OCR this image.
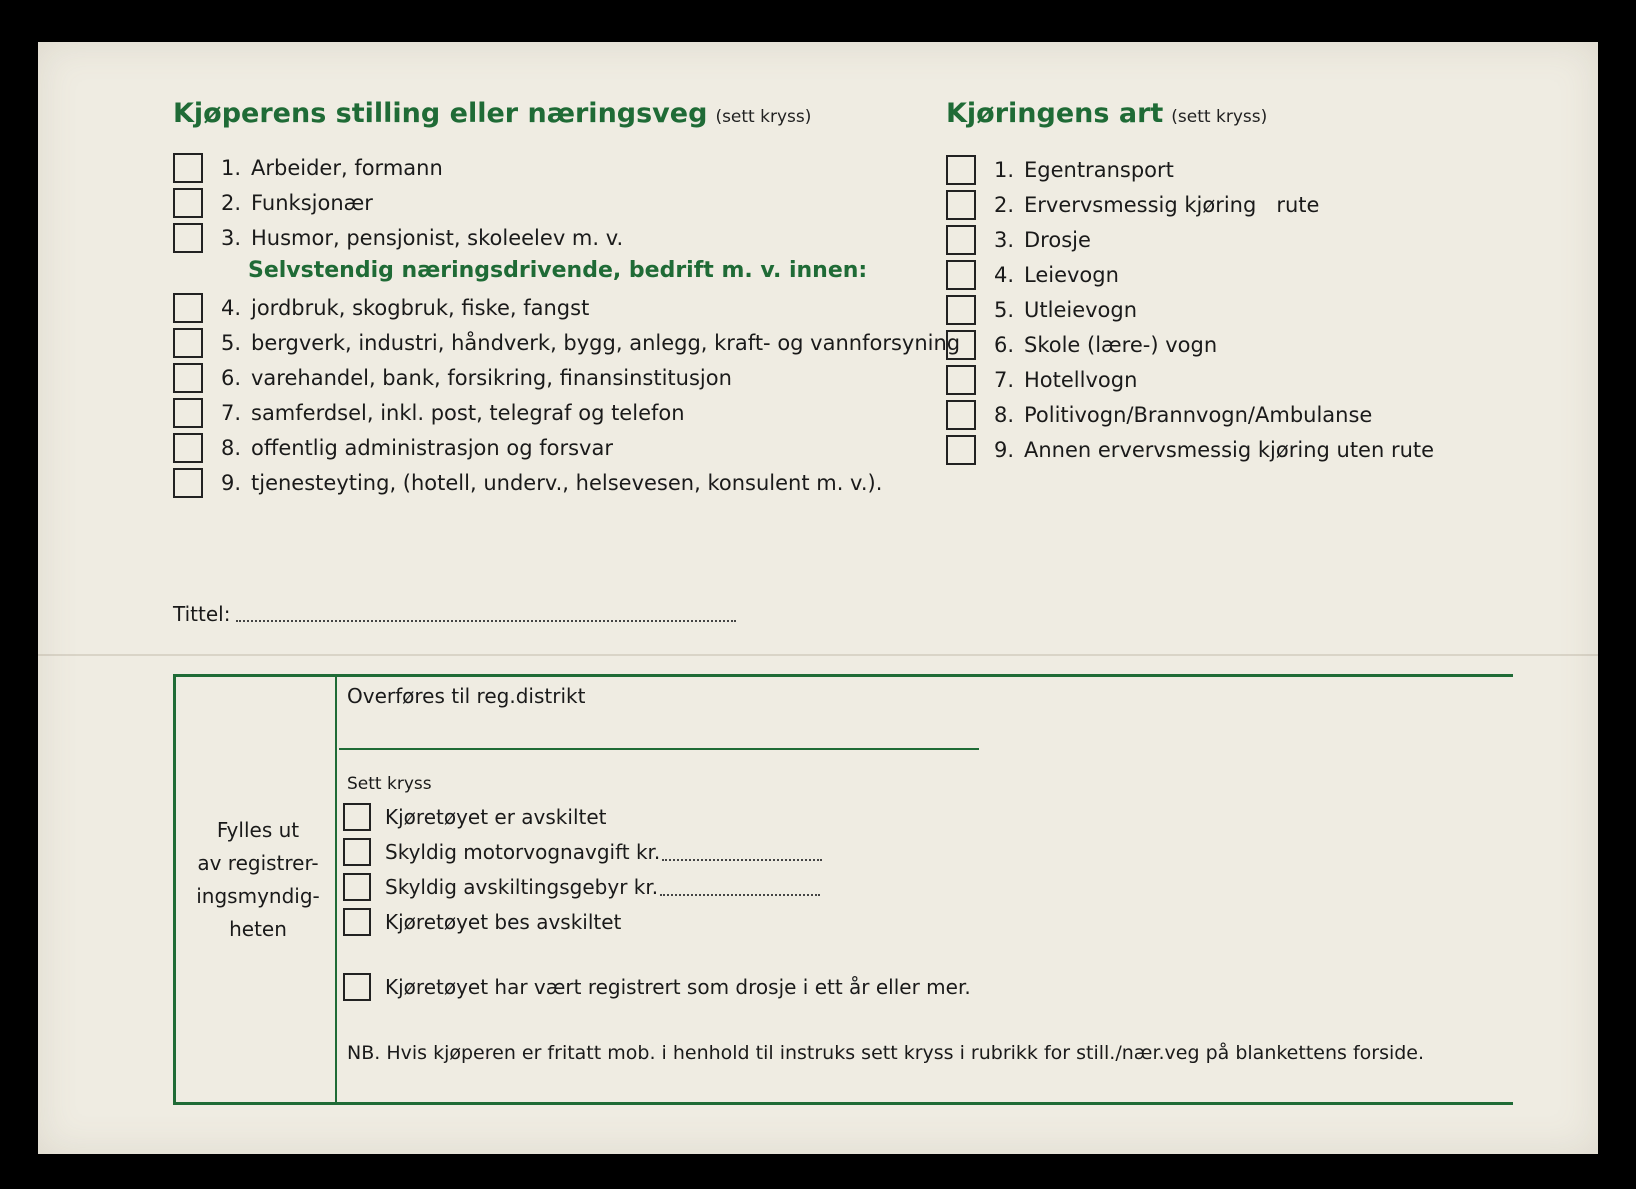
Kjøperens stilling eller næringsveg (sett kryss)
1. Arbeider, formann
2. Funksjonær
3. Husmor, pensjonist, skoleelev m. v.
Selvstendig næringsdrivende, bedrift m. v. innen:
4. jordbruk, skogbruk, fiske, fangst
5. bergverk, industri, håndverk, bygg, anlegg, kraft- og vannforsyning
6. varehandel, bank, forsikring, finansinstitusjon
7. samferdsel, inkl. post, telegraf og telefon
8. offentlig administrasjon og forsvar
9. tjenesteyting, (hotell, underv., helsevesen, konsulent m. v.).
Kjøringens art (sett kryss)
1. Egentransport
2. Ervervsmessig kjøring   rute
3. Drosje
4. Leievogn
5. Utleievogn
6. Skole (lære-) vogn
7. Hotellvogn
8. Politivogn/Brannvogn/Ambulanse
9. Annen ervervsmessig kjøring uten rute
Tittel:
Fylles ut
av registrer-
ingsmyndig-
heten
Overføres til reg.distrikt
Sett kryss
Kjøretøyet er avskiltet
Skyldig motorvognavgift kr.
Skyldig avskiltingsgebyr kr.
Kjøretøyet bes avskiltet
Kjøretøyet har vært registrert som drosje i ett år eller mer.
NB. Hvis kjøperen er fritatt mob. i henhold til instruks sett kryss i rubrikk for still./nær.veg på blankettens forside.
